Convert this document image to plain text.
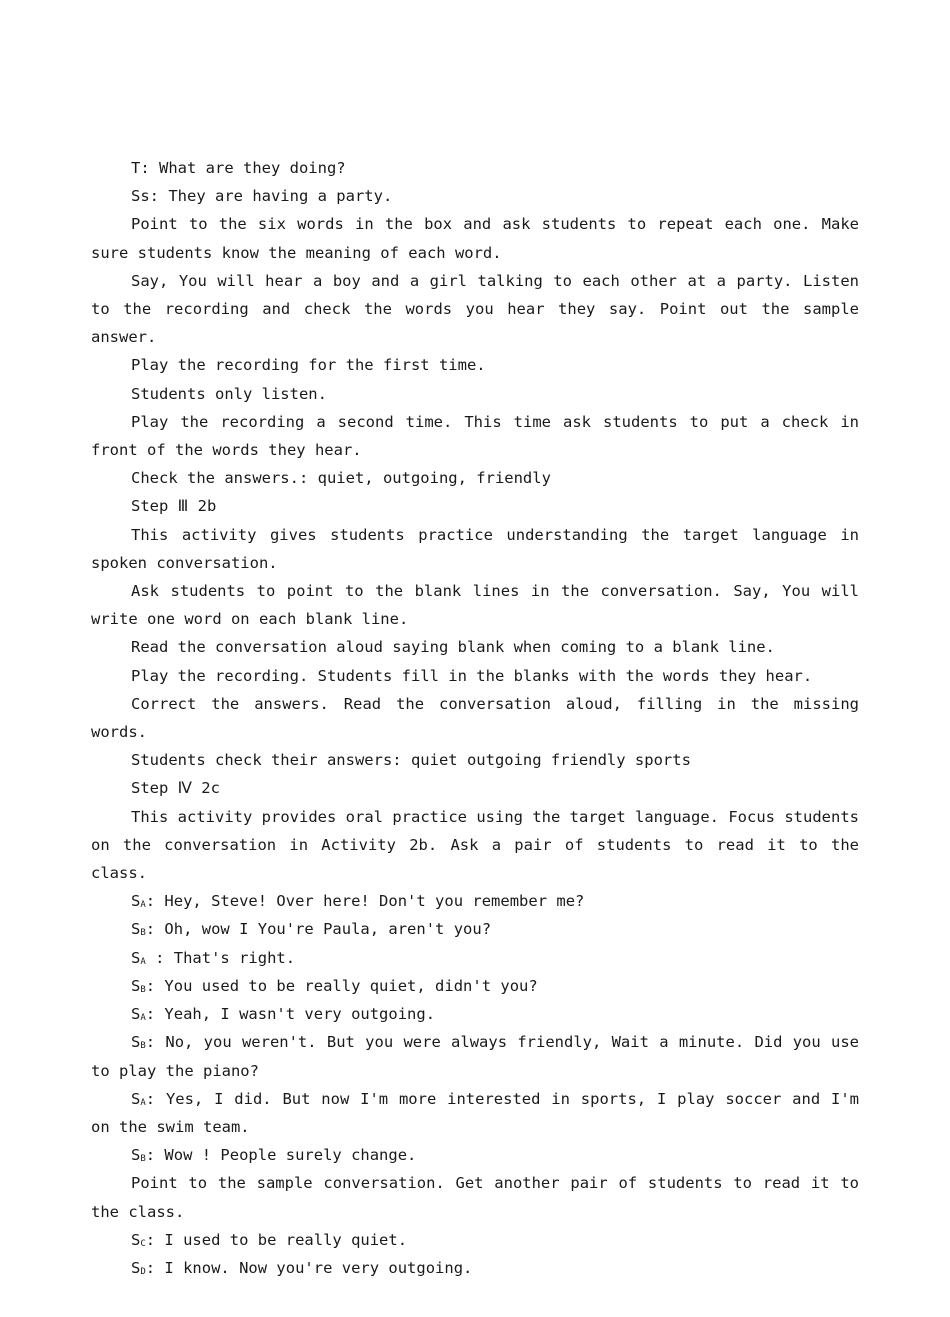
T: What are they doing?

Ss: They are having a party.

Point to the six words in the box and ask students to repeat each one. Make sure students know the meaning of each word.

Say, You will hear a boy and a girl talking to each other at a party. Listen to the recording and check the words you hear they say. Point out the sample answer.

Play the recording for the first time.

Students only listen.

Play the recording a second time. This time ask students to put a check in front of the words they hear.

Check the answers.: quiet, outgoing, friendly

Step Ⅲ 2b

This activity gives students practice understanding the target language in spoken conversation.

Ask students to point to the blank lines in the conversation. Say, You will write one word on each blank line.

Read the conversation aloud saying blank when coming to a blank line.

Play the recording. Students fill in the blanks with the words they hear.

Correct the answers. Read the conversation aloud, filling in the missing words.

Students check their answers: quiet outgoing friendly sports

Step Ⅳ 2c

This activity provides oral practice using the target language. Focus students on the conversation in Activity 2b. Ask a pair of students to read it to the class.

$S_A$: Hey, Steve! Over here! Don't you remember me?

$S_B$: Oh, wow I You're Paula, aren't you?

$S_A$ : That's right.

$S_B$: You used to be really quiet, didn't you?

$S_A$: Yeah, I wasn't very outgoing.

$S_B$: No, you weren't. But you were always friendly, Wait a minute. Did you use to play the piano?

$S_A$: Yes, I did. But now I'm more interested in sports, I play soccer and I'm on the swim team.

$S_B$: Wow ! People surely change.

Point to the sample conversation. Get another pair of students to read it to the class.

$S_C$: I used to be really quiet.

$S_D$: I know. Now you're very outgoing.
